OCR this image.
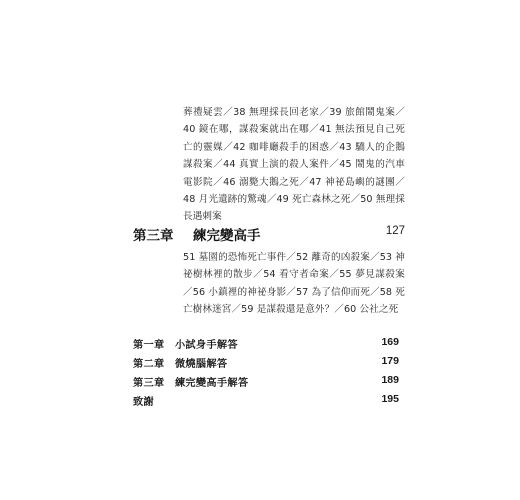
葬禮疑雲／38 無理採長回老家／39 旅館鬧鬼案／40 鏡在哪，謀殺案就出在哪／41 無法預見自己死亡的靈媒／42 咖啡廳殺手的困惑／43 驕人的企鵝謀殺案／44 真實上演的殺人案件／45 鬧鬼的汽車電影院／46 溺斃大鵝之死／47 神祕島嶼的謎團／48 月光遺跡的驚魂／49 死亡森林之死／50 無理採長遇刺案
第三章 練完變高手	127
51 墓園的恐怖死亡事件／52 離奇的凶殺案／53 神祕樹林裡的散步／54 看守者命案／55 夢見謀殺案／56 小鎮裡的神祕身影／57 為了信仰而死／58 死亡樹林迷宮／59 是謀殺還是意外？／60 公社之死
第一章　小試身手解答	169
第二章　微燒腦解答	179
第三章　練完變高手解答	189
致謝	195
